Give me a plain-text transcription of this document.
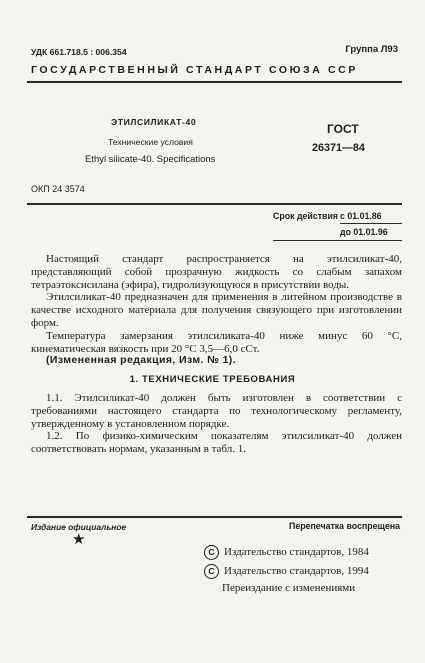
УДК 661.718.5 : 006.354	Группа Л93
ГОСУДАРСТВЕННЫЙ СТАНДАРТ СОЮЗА ССР
ЭТИЛСИЛИКАТ-40
Технические условия
Ethyl silicate-40. Specifications
ГОСТ
26371—84
ОКП 24 3574
Срок действия с 01.01.86
до 01.01.96

Настоящий стандарт распространяется на этилсиликат-40, представляющий собой прозрачную жидкость со слабым запахом тетраэтоксисилана (эфира), гидролизующуюся в присутствии воды.

Этилсиликат-40 предназначен для применения в литейном производстве в качестве исходного материала для получения связующего при изготовлении форм.

Температура замерзания этилсиликата-40 ниже минус 60 °С, кинематическая вязкость при 20 °С 3,5—6,0 сСт.

(Измененная редакция, Изм. № 1).
1. ТЕХНИЧЕСКИЕ ТРЕБОВАНИЯ

1.1. Этилсиликат-40 должен быть изготовлен в соответствии с требованиями настоящего стандарта по технологическому регламенту, утвержденному в установленном порядке.

1.2. По физико-химическим показателям этилсиликат-40 должен соответствовать нормам, указанным в табл. 1.

Издание официальное	Перепечатка воспрещена
★
С Издательство стандартов, 1984
С Издательство стандартов, 1994
Переиздание с изменениями
